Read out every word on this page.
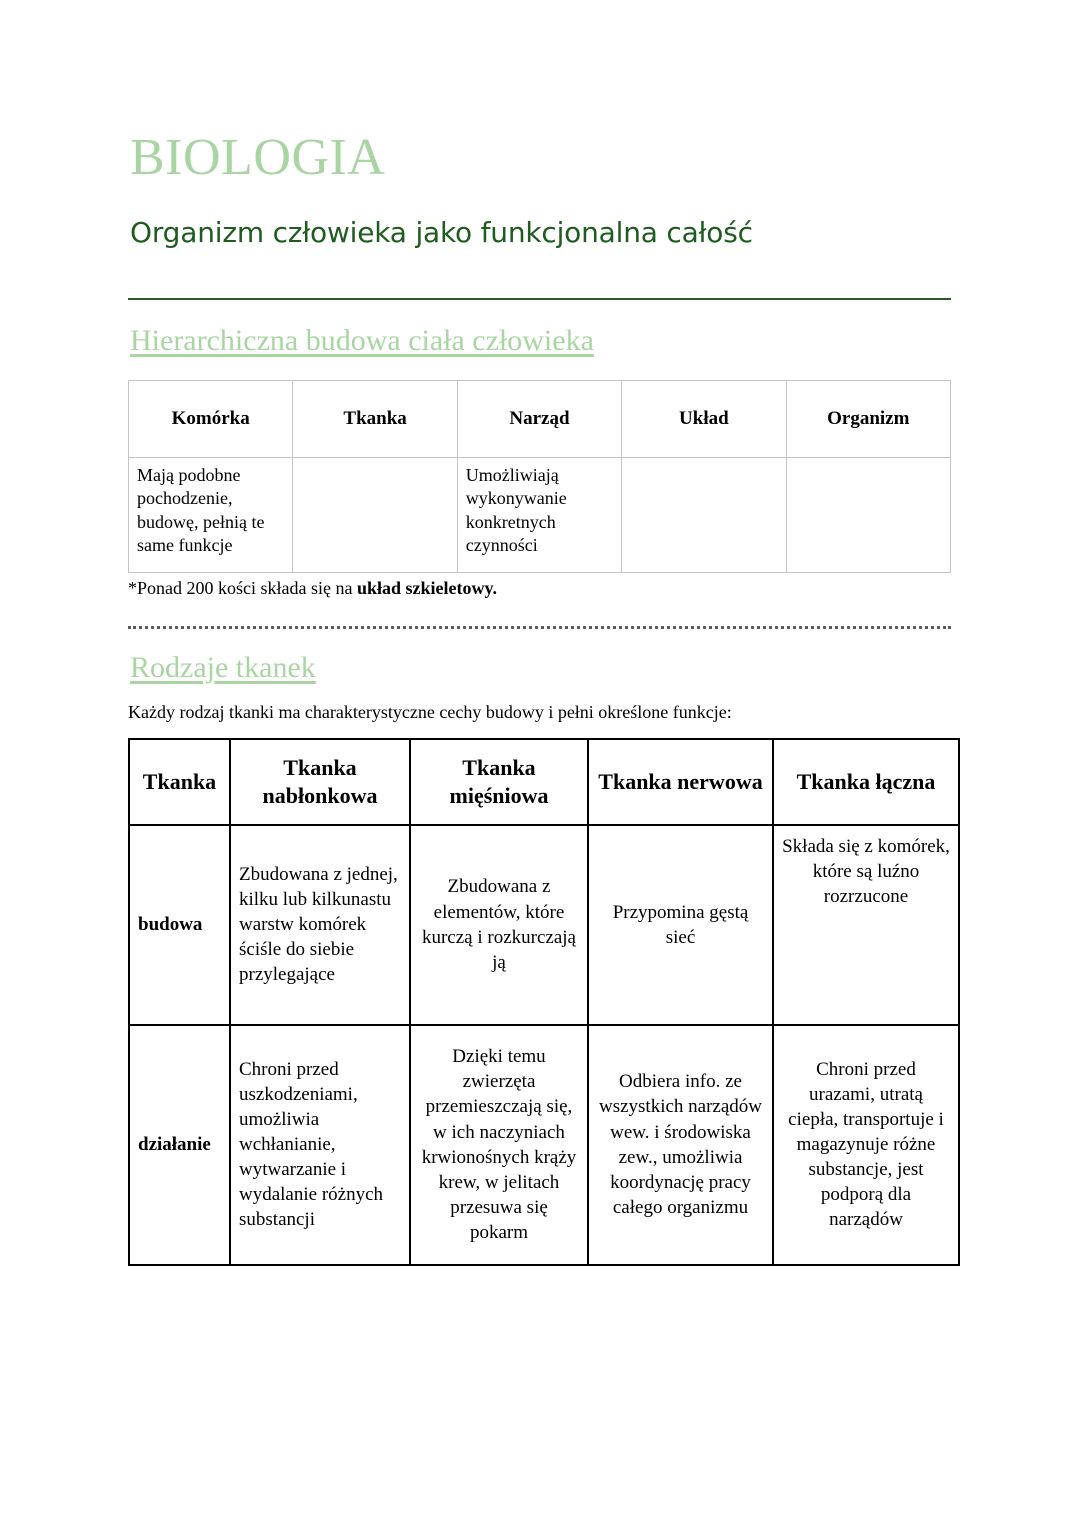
BIOLOGIA
Organizm człowieka jako funkcjonalna całość
Hierarchiczna budowa ciała człowieka
Komórka	Tkanka	Narząd	Układ	Organizm
Mają podobne pochodzenie, budowę, pełnią te same funkcje		Umożliwiają wykonywanie konkretnych czynności		

*Ponad 200 kości składa się na układ szkieletowy.

Rodzaje tkanek

Każdy rodzaj tkanki ma charakterystyczne cechy budowy i pełni określone funkcje:

Tkanka	Tkanka nabłonkowa	Tkanka mięśniowa	Tkanka nerwowa	Tkanka łączna
budowa	Zbudowana z jednej, kilku lub kilkunastu warstw komórek ściśle do siebie przylegające	Zbudowana z elementów, które kurczą i rozkurczają ją	Przypomina gęstą sieć	Składa się z komórek, które są luźno rozrzucone
działanie	Chroni przed uszkodzeniami, umożliwia wchłanianie, wytwarzanie i wydalanie różnych substancji	Dzięki temu zwierzęta przemieszczają się, w ich naczyniach krwionośnych krąży krew, w jelitach przesuwa się pokarm	Odbiera info. ze wszystkich narządów wew. i środowiska zew., umożliwia koordynację pracy całego organizmu	Chroni przed urazami, utratą ciepła, transportuje i magazynuje różne substancje, jest podporą dla narządów
